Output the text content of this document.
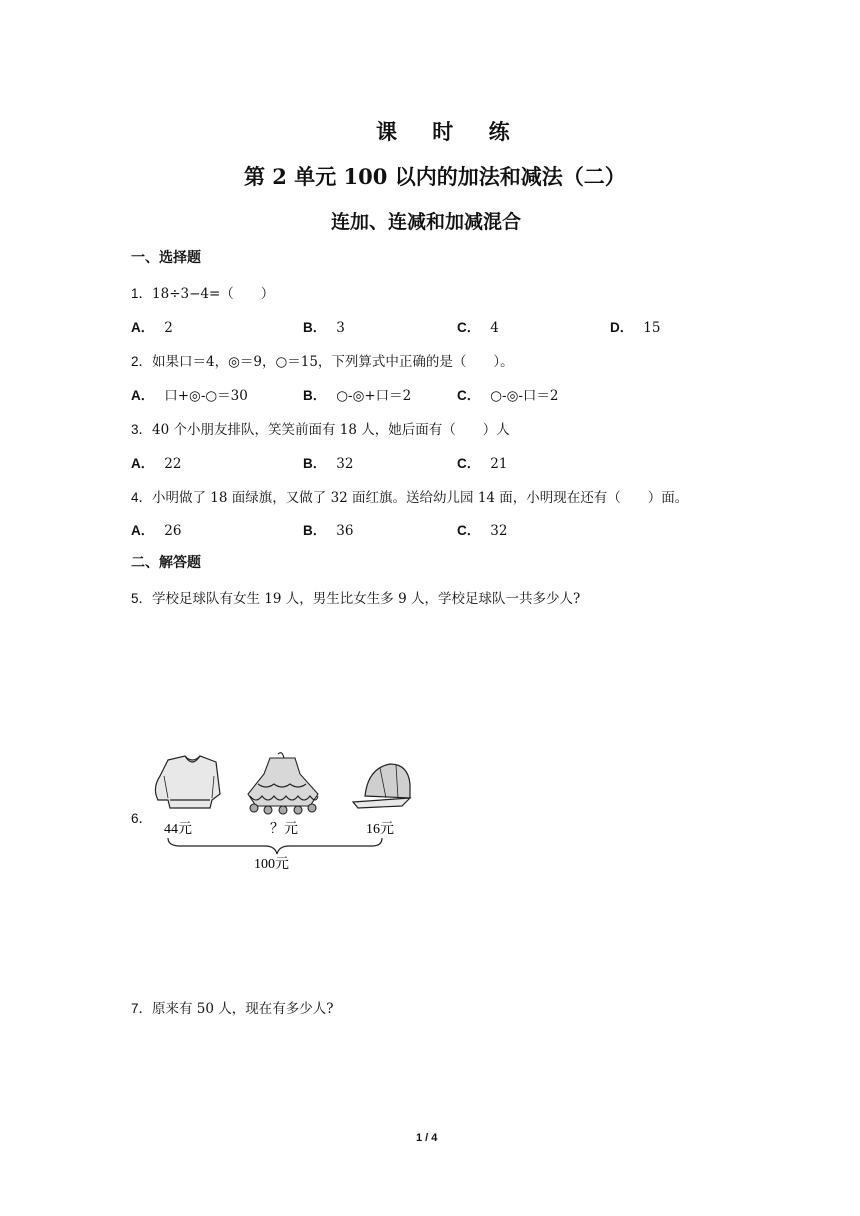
课 时 练
第 2 单元 100 以内的加法和减法（二）
连加、连减和加减混合
一、选择题
1．18÷3−4=（　　）
A． 2	B． 3	C． 4	D． 15
2．如果口＝4，◎＝9，○＝15，下列算式中正确的是（　　）。
A． 口+◎-○＝30	B． ○-◎+口＝2	C． ○-◎-口＝2
3．40 个小朋友排队，笑笑前面有 18 人，她后面有（　　）人
A． 22	B． 32	C． 21
4．小明做了 18 面绿旗，又做了 32 面红旗。送给幼儿园 14 面，小明现在还有（　　）面。
A． 26	B． 36	C． 32
二、解答题
5．学校足球队有女生 19 人，男生比女生多 9 人，学校足球队一共多少人?
6．
44元	？元	16元
100元
7．原来有 50 人，现在有多少人?
1 / 4
